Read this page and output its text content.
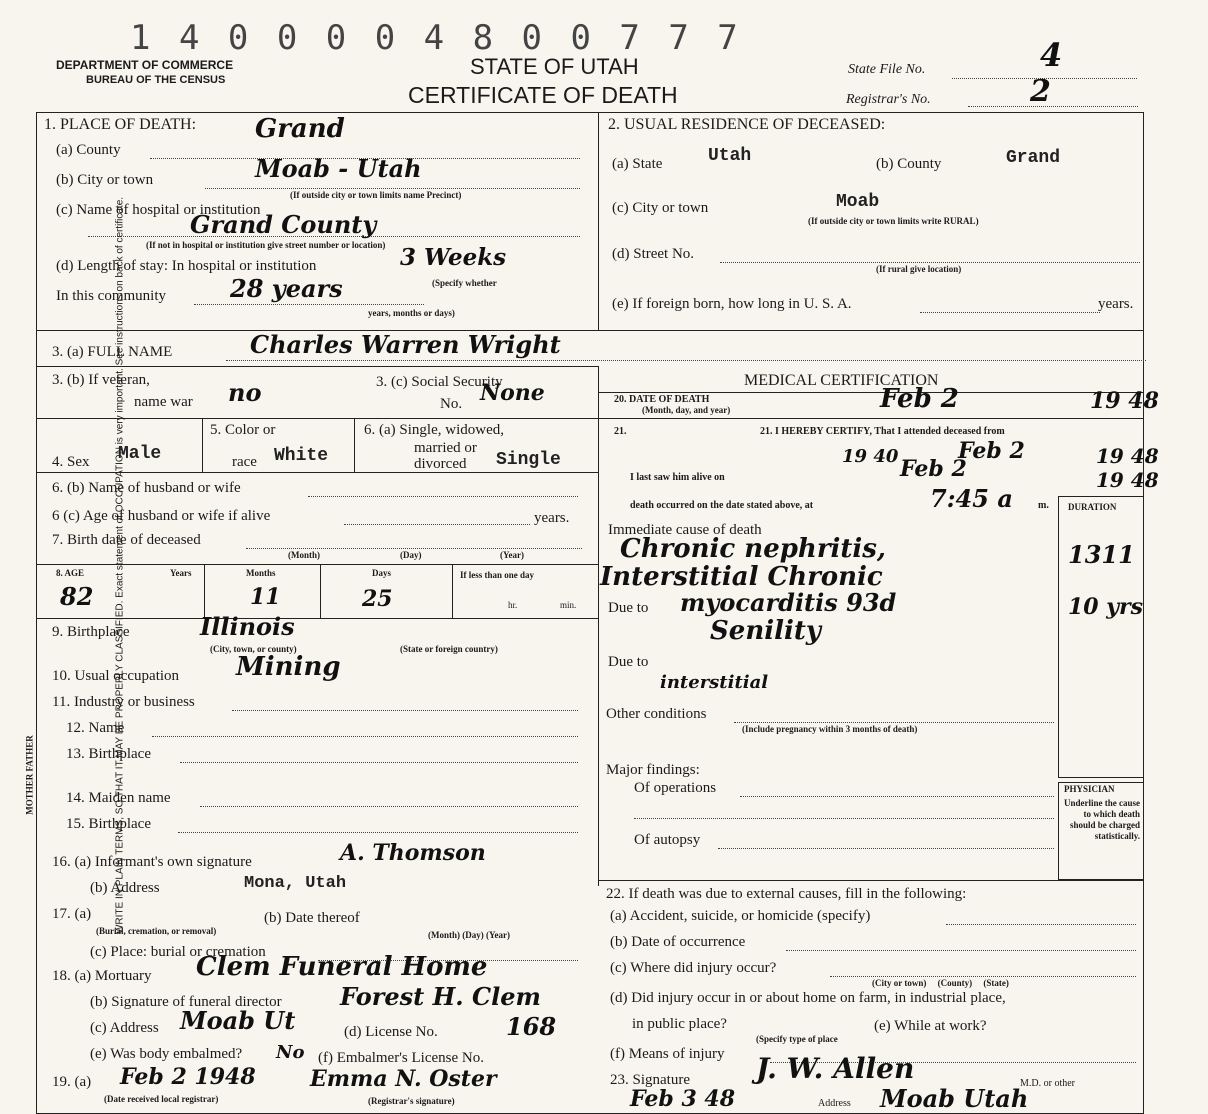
WRITE IN PLAIN TERMS, SO THAT IT MAY BE PROPERLY CLASSIFIED. Exact statement of OCCUPATION is very important. See instructions on back of certificate.
1 4 0 0 0 0 4 8 0 0 7 7 7
DEPARTMENT OF COMMERCE
BUREAU OF THE CENSUS
STATE OF UTAH
CERTIFICATE OF DEATH
State File No.	4
Registrar's No.	2
1. PLACE OF DEATH: Grand
(a) County
(b) City or town	Moab - Utah
(If outside city or town limits name Precinct)
(c) Name of hospital or institution
Grand County
(If not in hospital or institution give street number or location)
(d) Length of stay: In hospital or institution	3 Weeks
(Specify whether
In this community	28 years
years, months or days)
2. USUAL RESIDENCE OF DECEASED:
(a) State	Utah	(b) County	Grand
(c) City or town	Moab
(If outside city or town limits write RURAL)
(d) Street No.
(If rural give location)
(e) If foreign born, how long in U. S. A.	years.
3. (a) FULL NAME	Charles Warren Wright
3. (b) If veteran,
name war no	3. (c) Social Security
No. None	MEDICAL CERTIFICATION
20. DATE OF DEATH
(Month, day, and year)	Feb 2	19 48
4. Sex Male
5. Color or
race White
6. (a) Single, widowed,
married or
divorced Single
21. I HEREBY CERTIFY, That I attended deceased from
21.
19 40	Feb 2	19 48
I last saw him alive on	Feb 2	19 48
death occurred on the date stated above, at	7:45 a	m. DURATION
6. (b) Name of husband or wife
6 (c) Age of husband or wife if alive	years.
7. Birth date of deceased
(Month)	(Day)	(Year)
8. AGE	Years	Months	Days	If less than one day
82	11	25	hr.	min.
Immediate cause of death
Chronic nephritis,	1311
Interstitial Chronic
Due to myocarditis 93d	10 yrs
Senility
Due to
interstitial
Other conditions
(Include pregnancy within 3 months of death)
Major findings:
Of operations
Of autopsy
PHYSICIAN
Underline the cause to which death should be charged statistically.
9. Birthplace	Illinois
(City, town, or county)	(State or foreign country)
10. Usual occupation Mining
11. Industry or business
MOTHER FATHER
12. Name
13. Birthplace
14. Maiden name
15. Birthplace
16. (a) Informant's own signature	A. Thomson
(b) Address	Mona, Utah
17. (a)	(b) Date thereof
(Burial, cremation, or removal)	(Month) (Day) (Year)
(c) Place: burial or cremation
18. (a) Mortuary Clem Funeral Home
(b) Signature of funeral director Forest H. Clem
(c) Address Moab Ut	(d) License No.	168
(e) Was body embalmed? No (f) Embalmer's License No.
19. (a) Feb 2 1948 Emma N. Oster
(Date received local registrar)	(Registrar's signature)
22. If death was due to external causes, fill in the following:
(a) Accident, suicide, or homicide (specify)
(b) Date of occurrence
(c) Where did injury occur?
(City or town)     (County)     (State)
(d) Did injury occur in or about home on farm, in industrial place,
in public place?	(e) While at work?
(Specify type of place
(f) Means of injury
23. Signature J. W. Allen	M.D. or other
Feb 3 48	Address Moab Utah
